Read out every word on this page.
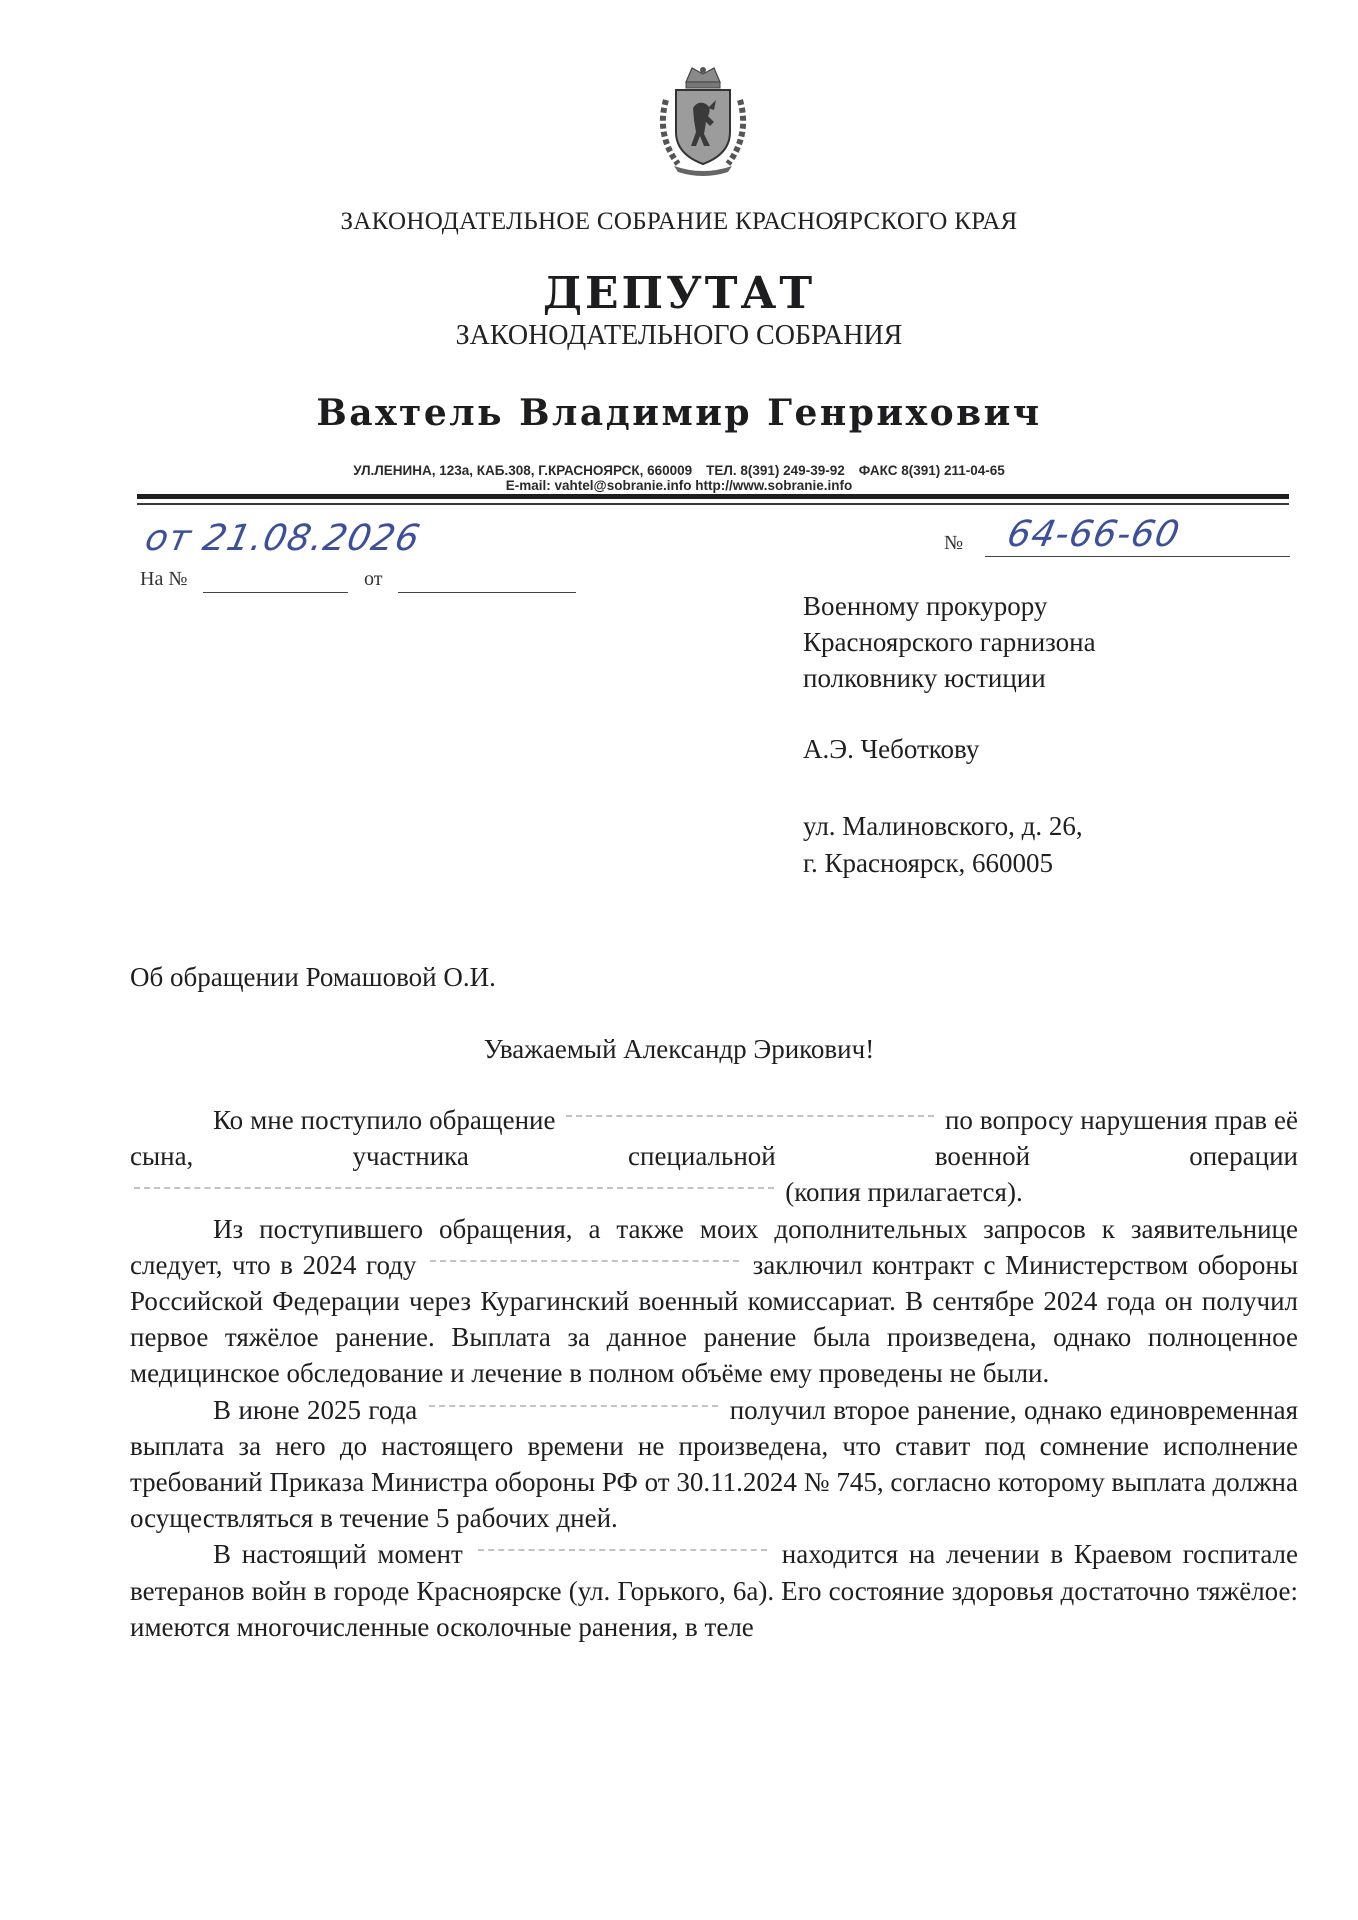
ЗАКОНОДАТЕЛЬНОЕ СОБРАНИЕ КРАСНОЯРСКОГО КРАЯ
ДЕПУТАТ
ЗАКОНОДАТЕЛЬНОГО СОБРАНИЯ
Вахтель Владимир Генрихович
УЛ.ЛЕНИНА, 123а, КАБ.308, Г.КРАСНОЯРСК, 660009 ТЕЛ. 8(391) 249-39-92 ФАКС 8(391) 211-04-65
E-mail: vahtel@sobranie.info http://www.sobranie.info
от 21.08.2026	№ 64-66-60
На №	от
Военному прокурору
Красноярского гарнизона
полковнику юстиции
А.Э. Чеботкову
ул. Малиновского, д. 26,
г. Красноярск, 660005
Об обращении Ромашовой О.И.
Уважаемый Александр Эрикович!

Ко мне поступило обращение	по вопросу нарушения прав её сына, участника специальной военной операции  (копия прилагается).

Из поступившего обращения, а также моих дополнительных запросов к заявительнице следует, что в 2024 году	заключил контракт с Министерством обороны Российской Федерации через Курагинский военный комиссариат. В сентябре 2024 года он получил первое тяжёлое ранение. Выплата за данное ранение была произведена, однако полноценное медицинское обследование и лечение в полном объёме ему проведены не были.

В июне 2025 года	получил второе ранение, однако единовременная выплата за него до настоящего времени не произведена, что ставит под сомнение исполнение требований Приказа Министра обороны РФ от 30.11.2024 № 745, согласно которому выплата должна осуществляться в течение 5 рабочих дней.

В настоящий момент	находится на лечении в Краевом госпитале ветеранов войн в городе Красноярске (ул. Горького, 6а). Его состояние здоровья достаточно тяжёлое: имеются многочисленные осколочные ранения, в теле
